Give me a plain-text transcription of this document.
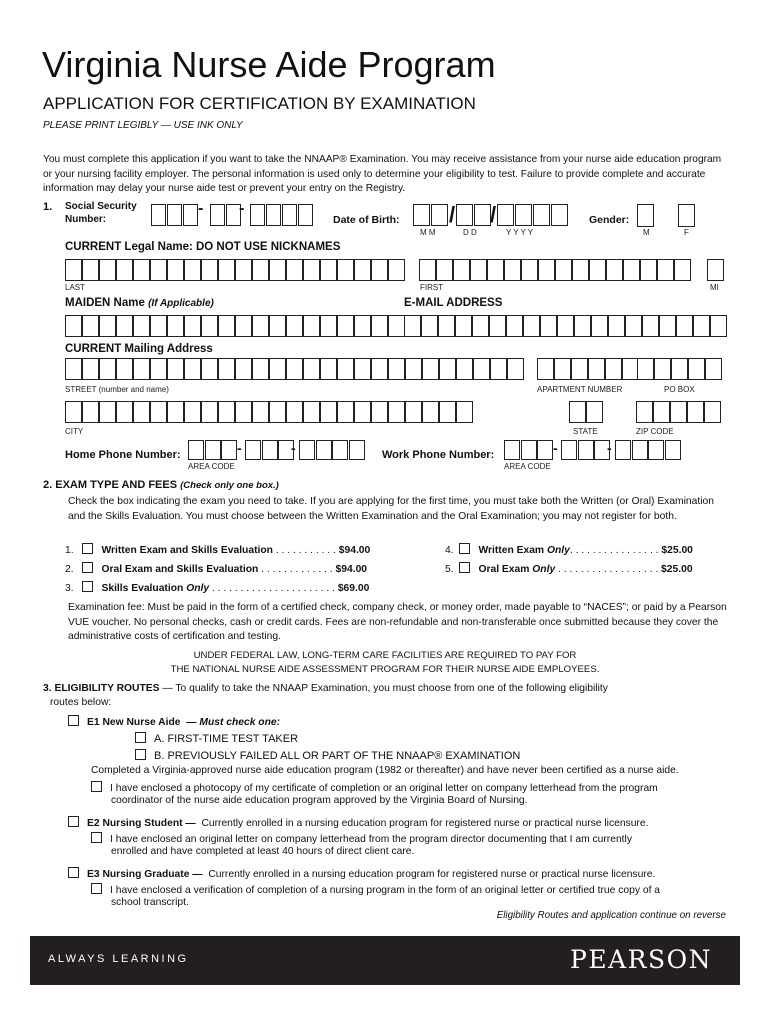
Virginia Nurse Aide Program
APPLICATION FOR CERTIFICATION BY EXAMINATION
PLEASE PRINT LEGIBLY — USE INK ONLY
You must complete this application if you want to take the NNAAP® Examination. You may receive assistance from your nurse aide education program or your nursing facility employer. The personal information is used only to determine your eligibility to test. Failure to provide complete and accurate information may delay your nurse aide test or prevent your entry on the Registry.
1. Social Security
Number:
- -
Date of Birth: / /
M M	D D	Y Y Y Y
Gender:
M	F
CURRENT Legal Name: DO NOT USE NICKNAMES
LAST	FIRST	MI
MAIDEN Name (If Applicable)	E-MAIL ADDRESS
CURRENT Mailing Address
STREET (number and name)	APARTMENT NUMBER	PO BOX
CITY	STATE	ZIP CODE
Home Phone Number:	-	-
AREA CODE
Work Phone Number:	-	-
AREA CODE
2. EXAM TYPE AND FEES (Check only one box.)
Check the box indicating the exam you need to take. If you are applying for the first time, you must take both the Written (or Oral) Examination and the Skills Evaluation. You must choose between the Written Examination and the Oral Examination; you may not register for both.
1.	Written Exam and Skills Evaluation . . . . . . . . . . . $94.00
2.	Oral Exam and Skills Evaluation . . . . . . . . . . . . . $94.00
3.	Skills Evaluation Only . . . . . . . . . . . . . . . . . . . . . . $69.00
4. Written Exam Only. . . . . . . . . . . . . . . . $25.00
5. Oral Exam Only . . . . . . . . . . . . . . . . . . $25.00
Examination fee: Must be paid in the form of a certified check, company check, or money order, made payable to “NACES”; or paid by a Pearson VUE voucher. No personal checks, cash or credit cards. Fees are non-refundable and non-transferable once submitted because they cover the administrative costs of certification and testing.
UNDER FEDERAL LAW, LONG-TERM CARE FACILITIES ARE REQUIRED TO PAY FOR
THE NATIONAL NURSE AIDE ASSESSMENT PROGRAM FOR THEIR NURSE AIDE EMPLOYEES.
3. ELIGIBILITY ROUTES — To qualify to take the NNAAP Examination, you must choose from one of the following eligibility
routes below:
E1 New Nurse Aide — Must check one:
A. FIRST-TIME TEST TAKER
B. PREVIOUSLY FAILED ALL OR PART OF THE NNAAP® EXAMINATION
Completed a Virginia-approved nurse aide education program (1982 or thereafter) and have never been certified as a nurse aide.
I have enclosed a photocopy of my certificate of completion or an original letter on company letterhead from the program
coordinator of the nurse aide education program approved by the Virginia Board of Nursing.
E2 Nursing Student — Currently enrolled in a nursing education program for registered nurse or practical nurse licensure.
I have enclosed an original letter on company letterhead from the program director documenting that I am currently
enrolled and have completed at least 40 hours of direct client care.
E3 Nursing Graduate — Currently enrolled in a nursing education program for registered nurse or practical nurse licensure.
I have enclosed a verification of completion of a nursing program in the form of an original letter or certified true copy of a
school transcript.
Eligibility Routes and application continue on reverse
ALWAYS LEARNING	PEARSON
